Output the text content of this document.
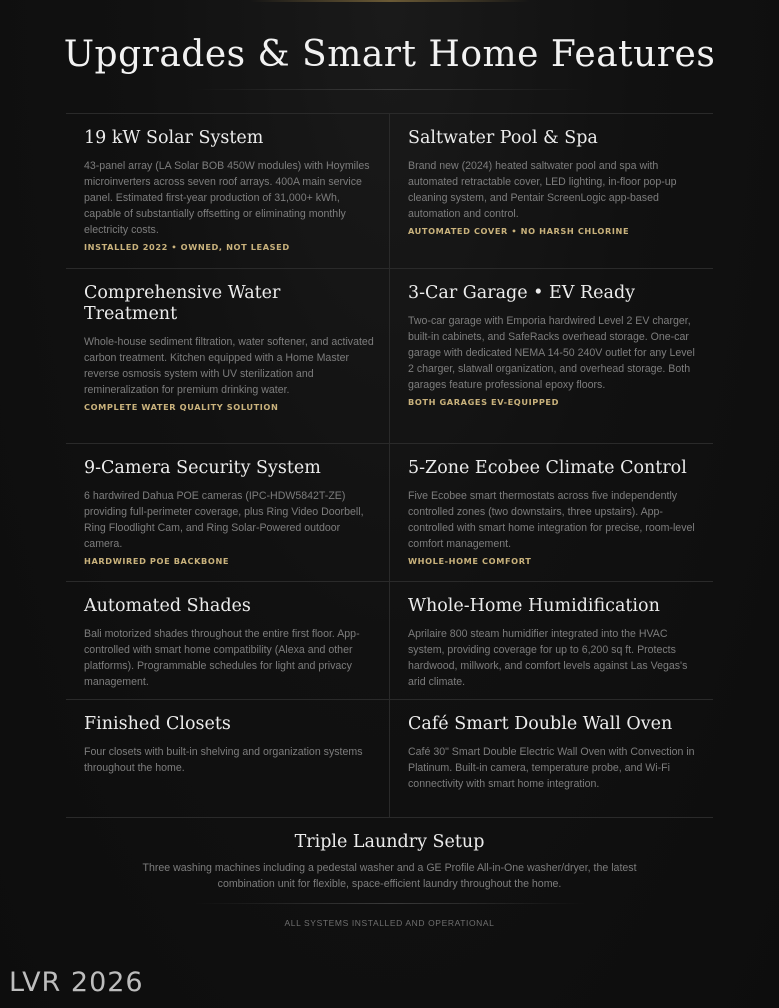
Upgrades & Smart Home Features
19 kW Solar System

43-panel array (LA Solar BOB 450W modules) with Hoymiles microinverters across seven roof arrays. 400A main service panel. Estimated first-year production of 31,000+ kWh, capable of substantially offsetting or eliminating monthly electricity costs.

INSTALLED 2022 • OWNED, NOT LEASED
Saltwater Pool & Spa

Brand new (2024) heated saltwater pool and spa with automated retractable cover, LED lighting, in-floor pop-up cleaning system, and Pentair ScreenLogic app-based automation and control.

AUTOMATED COVER • NO HARSH CHLORINE
Comprehensive Water Treatment

Whole-house sediment filtration, water softener, and activated carbon treatment. Kitchen equipped with a Home Master reverse osmosis system with UV sterilization and remineralization for premium drinking water.

COMPLETE WATER QUALITY SOLUTION
3-Car Garage • EV Ready

Two-car garage with Emporia hardwired Level 2 EV charger, built-in cabinets, and SafeRacks overhead storage. One-car garage with dedicated NEMA 14-50 240V outlet for any Level 2 charger, slatwall organization, and overhead storage. Both garages feature professional epoxy floors.

BOTH GARAGES EV-EQUIPPED
9-Camera Security System

6 hardwired Dahua POE cameras (IPC-HDW5842T-ZE) providing full-perimeter coverage, plus Ring Video Doorbell, Ring Floodlight Cam, and Ring Solar-Powered outdoor camera.

HARDWIRED POE BACKBONE
5-Zone Ecobee Climate Control

Five Ecobee smart thermostats across five independently controlled zones (two downstairs, three upstairs). App-controlled with smart home integration for precise, room-level comfort management.

WHOLE-HOME COMFORT
Automated Shades

Bali motorized shades throughout the entire first floor. App-controlled with smart home compatibility (Alexa and other platforms). Programmable schedules for light and privacy management.

Whole-Home Humidification

Aprilaire 800 steam humidifier integrated into the HVAC system, providing coverage for up to 6,200 sq ft. Protects hardwood, millwork, and comfort levels against Las Vegas's arid climate.

Finished Closets

Four closets with built-in shelving and organization systems throughout the home.

Café Smart Double Wall Oven

Café 30" Smart Double Electric Wall Oven with Convection in Platinum. Built-in camera, temperature probe, and Wi-Fi connectivity with smart home integration.

Triple Laundry Setup

Three washing machines including a pedestal washer and a GE Profile All-in-One washer/dryer, the latest combination unit for flexible, space-efficient laundry throughout the home.

ALL SYSTEMS INSTALLED AND OPERATIONAL
LVR 2026
